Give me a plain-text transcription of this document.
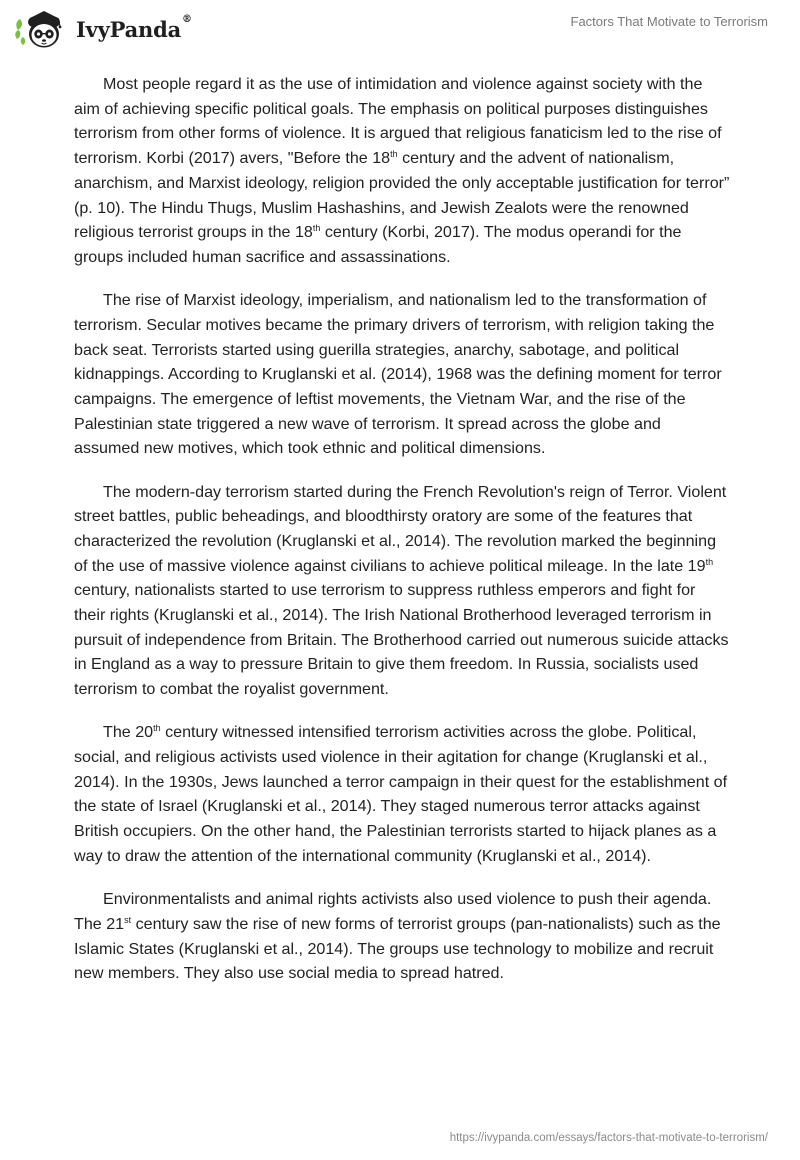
IvyPanda®	Factors That Motivate to Terrorism

Most people regard it as the use of intimidation and violence against society with the aim of achieving specific political goals. The emphasis on political purposes distinguishes terrorism from other forms of violence. It is argued that religious fanaticism led to the rise of terrorism. Korbi (2017) avers, "Before the 18th century and the advent of nationalism, anarchism, and Marxist ideology, religion provided the only acceptable justification for terror” (p. 10). The Hindu Thugs, Muslim Hashashins, and Jewish Zealots were the renowned religious terrorist groups in the 18th century (Korbi, 2017). The modus operandi for the groups included human sacrifice and assassinations.

The rise of Marxist ideology, imperialism, and nationalism led to the transformation of terrorism. Secular motives became the primary drivers of terrorism, with religion taking the back seat. Terrorists started using guerilla strategies, anarchy, sabotage, and political kidnappings. According to Kruglanski et al. (2014), 1968 was the defining moment for terror campaigns. The emergence of leftist movements, the Vietnam War, and the rise of the Palestinian state triggered a new wave of terrorism. It spread across the globe and assumed new motives, which took ethnic and political dimensions.

The modern-day terrorism started during the French Revolution's reign of Terror. Violent street battles, public beheadings, and bloodthirsty oratory are some of the features that characterized the revolution (Kruglanski et al., 2014). The revolution marked the beginning of the use of massive violence against civilians to achieve political mileage. In the late 19th century, nationalists started to use terrorism to suppress ruthless emperors and fight for their rights (Kruglanski et al., 2014). The Irish National Brotherhood leveraged terrorism in pursuit of independence from Britain. The Brotherhood carried out numerous suicide attacks in England as a way to pressure Britain to give them freedom. In Russia, socialists used terrorism to combat the royalist government.

The 20th century witnessed intensified terrorism activities across the globe. Political, social, and religious activists used violence in their agitation for change (Kruglanski et al., 2014). In the 1930s, Jews launched a terror campaign in their quest for the establishment of the state of Israel (Kruglanski et al., 2014). They staged numerous terror attacks against British occupiers. On the other hand, the Palestinian terrorists started to hijack planes as a way to draw the attention of the international community (Kruglanski et al., 2014).

Environmentalists and animal rights activists also used violence to push their agenda. The 21st century saw the rise of new forms of terrorist groups (pan-nationalists) such as the Islamic States (Kruglanski et al., 2014). The groups use technology to mobilize and recruit new members. They also use social media to spread hatred.

https://ivypanda.com/essays/factors-that-motivate-to-terrorism/
